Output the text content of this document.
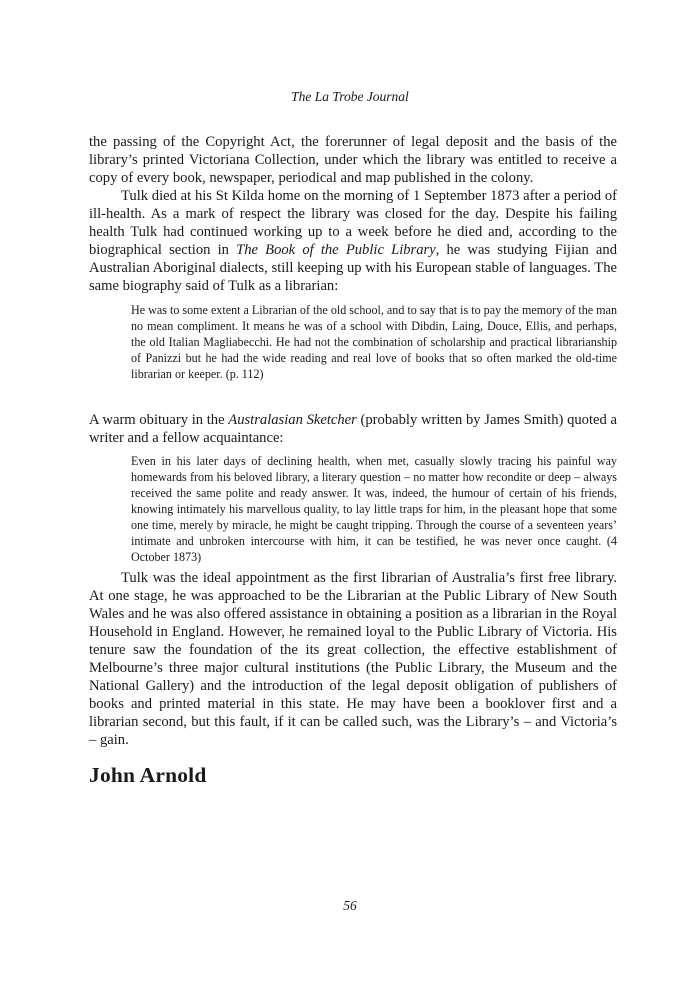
The La Trobe Journal

the passing of the Copyright Act, the forerunner of legal deposit and the basis of the library’s printed Victoriana Collection, under which the library was entitled to receive a copy of every book, newspaper, periodical and map published in the colony.

Tulk died at his St Kilda home on the morning of 1 September 1873 after a period of ill-health. As a mark of respect the library was closed for the day. Despite his failing health Tulk had continued working up to a week before he died and, according to the biographical section in The Book of the Public Library, he was studying Fijian and Australian Aboriginal dialects, still keeping up with his European stable of languages. The same biography said of Tulk as a librarian:

He was to some extent a Librarian of the old school, and to say that is to pay the memory of the man no mean compliment. It means he was of a school with Dibdin, Laing, Douce, Ellis, and perhaps, the old Italian Magliabecchi. He had not the combination of scholarship and practical librarianship of Panizzi but he had the wide reading and real love of books that so often marked the old-time librarian or keeper. (p. 112)

A warm obituary in the Australasian Sketcher (probably written by James Smith) quoted a writer and a fellow acquaintance:

Even in his later days of declining health, when met, casually slowly tracing his painful way homewards from his beloved library, a literary question – no matter how recondite or deep – always received the same polite and ready answer. It was, indeed, the humour of certain of his friends, knowing intimately his marvellous quality, to lay little traps for him, in the pleasant hope that some one time, merely by miracle, he might be caught tripping. Through the course of a seventeen years’ intimate and unbroken intercourse with him, it can be testified, he was never once caught. (4 October 1873)

Tulk was the ideal appointment as the first librarian of Australia’s first free library. At one stage, he was approached to be the Librarian at the Public Library of New South Wales and he was also offered assistance in obtaining a position as a librarian in the Royal Household in England. However, he remained loyal to the Public Library of Victoria. His tenure saw the foundation of the its great collection, the effective establishment of Melbourne’s three major cultural institutions (the Public Library, the Museum and the National Gallery) and the introduction of the legal deposit obligation of publishers of books and printed material in this state. He may have been a booklover first and a librarian second, but this fault, if it can be called such, was the Library’s – and Victoria’s – gain.

John Arnold
56
